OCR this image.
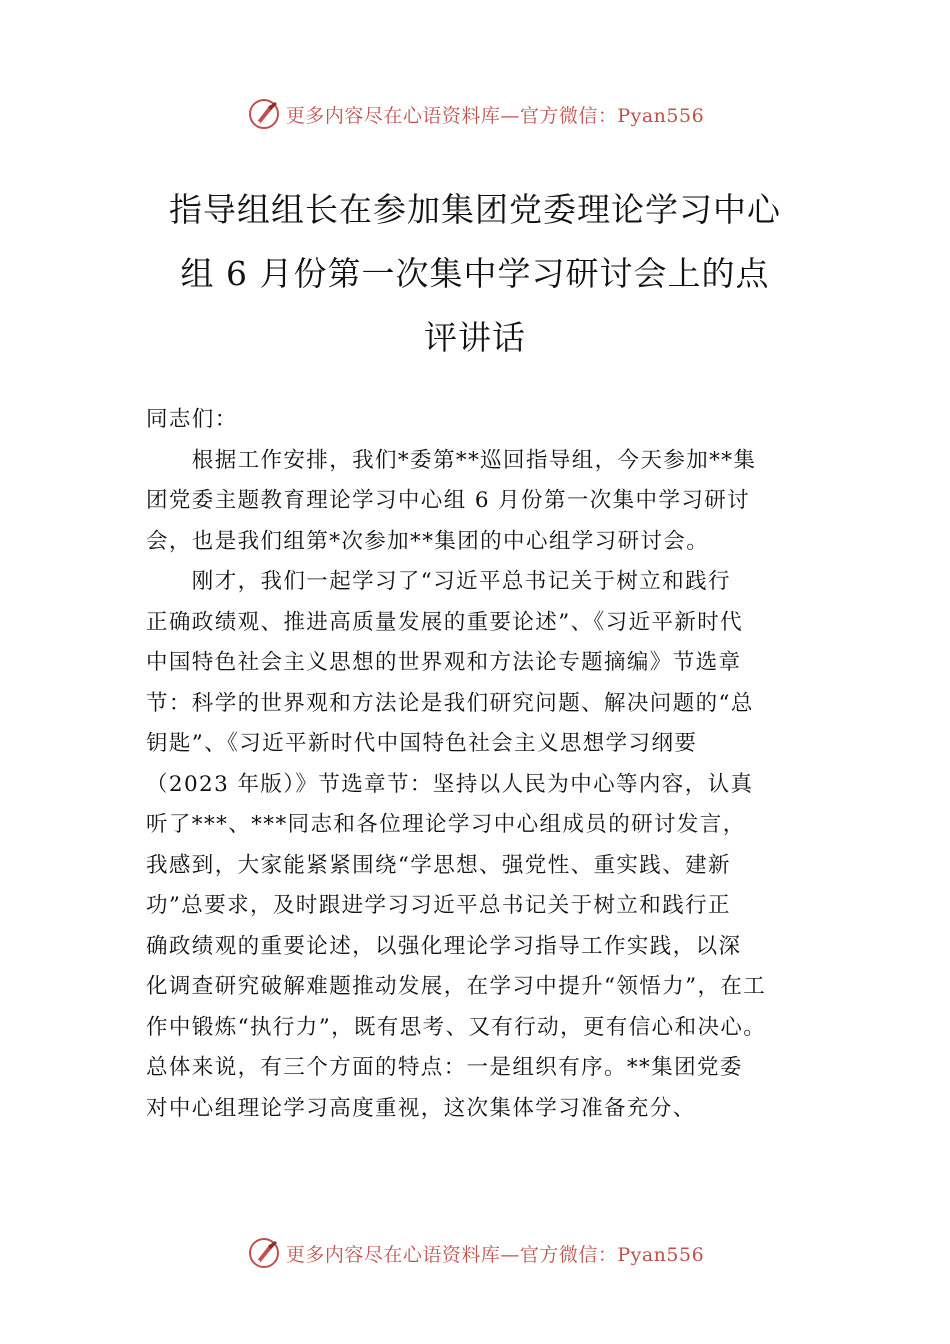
更多内容尽在心语资料库—官方微信：Pyan556
指导组组长在参加集团党委理论学习中心
组 6 月份第一次集中学习研讨会上的点
评讲话
同志们：
　　根据工作安排，我们*委第**巡回指导组，今天参加**集
团党委主题教育理论学习中心组 6 月份第一次集中学习研讨
会，也是我们组第*次参加**集团的中心组学习研讨会。
　　刚才，我们一起学习了“习近平总书记关于树立和践行
正确政绩观、推进高质量发展的重要论述”、《习近平新时代
中国特色社会主义思想的世界观和方法论专题摘编》节选章
节：科学的世界观和方法论是我们研究问题、解决问题的“总
钥匙”、《习近平新时代中国特色社会主义思想学习纲要
（2023 年版）》节选章节：坚持以人民为中心等内容，认真
听了***、***同志和各位理论学习中心组成员的研讨发言，
我感到，大家能紧紧围绕“学思想、强党性、重实践、建新
功”总要求，及时跟进学习习近平总书记关于树立和践行正
确政绩观的重要论述，以强化理论学习指导工作实践，以深
化调查研究破解难题推动发展，在学习中提升“领悟力”，在工
作中锻炼“执行力”，既有思考、又有行动，更有信心和决心。
总体来说，有三个方面的特点：一是组织有序。**集团党委
对中心组理论学习高度重视，这次集体学习准备充分、
更多内容尽在心语资料库—官方微信：Pyan556
